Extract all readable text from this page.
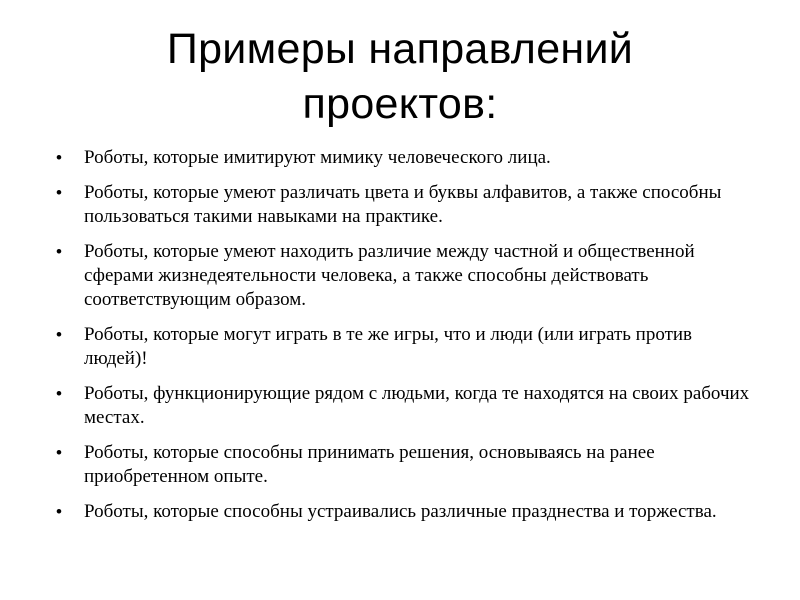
Примеры направлений
проектов:
• Роботы, которые имитируют мимику человеческого лица.
• Роботы, которые умеют различать цвета и буквы алфавитов, а также способны пользоваться такими навыками на практике.
• Роботы, которые умеют находить различие между частной и общественной сферами жизнедеятельности человека, а также способны действовать соответствующим образом.
• Роботы, которые могут играть в те же игры, что и люди (или играть против людей)!
• Роботы, функционирующие рядом с людьми, когда те находятся на своих рабочих местах.
• Роботы, которые способны принимать решения, основываясь на ранее приобретенном опыте.
• Роботы, которые способны устраивались различные празднества и торжества.
